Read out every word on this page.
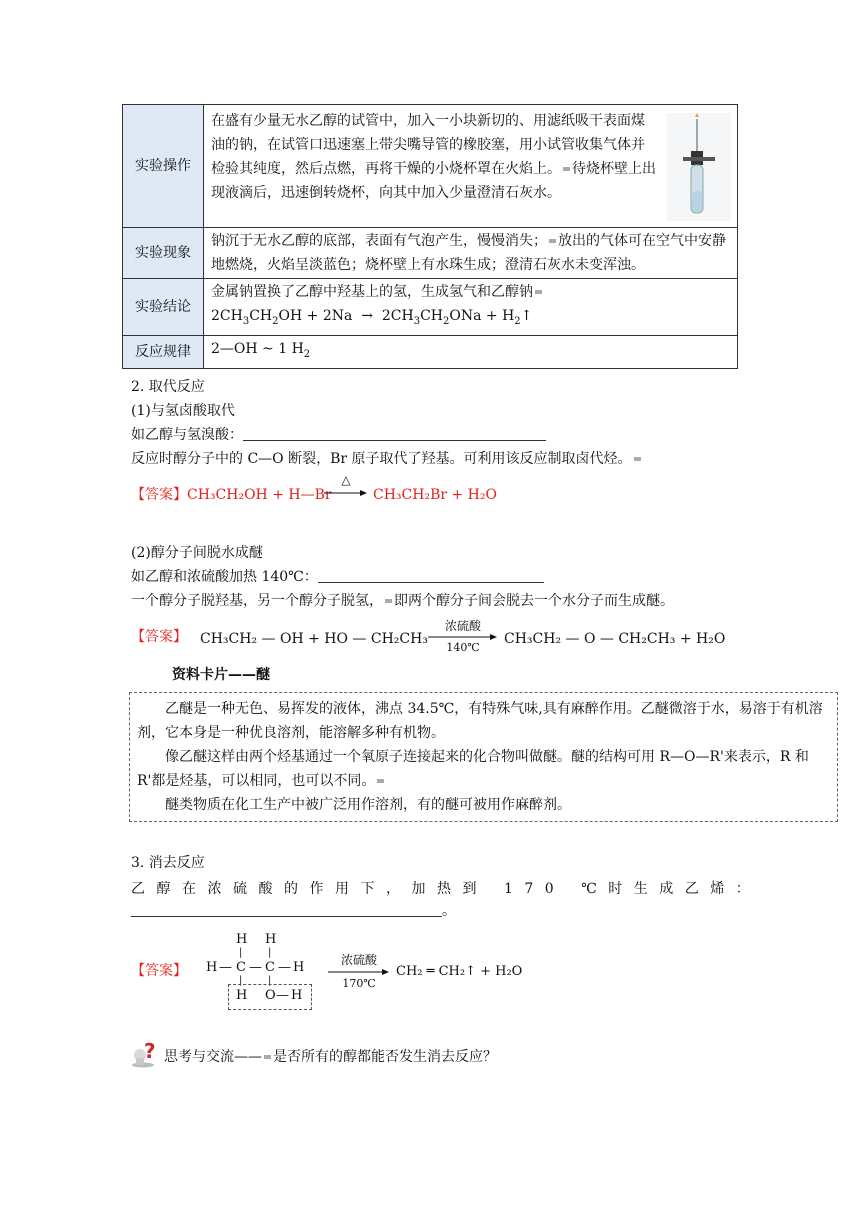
实验操作	在盛有少量无水乙醇的试管中，加入一小块新切的、用滤纸吸干表面煤油的钠，在试管口迅速塞上带尖嘴导管的橡胶塞，用小试管收集气体并检验其纯度，然后点燃，再将干燥的小烧杯罩在火焰上。 待烧杯壁上出现液滴后，迅速倒转烧杯，向其中加入少量澄清石灰水。
实验现象	钠沉于无水乙醇的底部，表面有气泡产生，慢慢消失； 放出的气体可在空气中安静地燃烧，火焰呈淡蓝色；烧杯壁上有水珠生成；澄清石灰水未变浑浊。
实验结论	金属钠置换了乙醇中羟基上的氢，生成氢气和乙醇钠
$2CH_3CH_2OH + 2Na \to 2CH_3CH_2ONa$ + $H_2↑$
反应规律	2—OH ~ 1 $H_2$
2. 取代反应
(1)与氢卤酸取代
如乙醇与氢溴酸：
反应时醇分子中的 C—O 断裂，Br 原子取代了羟基。可利用该反应制取卤代烃。
【答案】CH₃CH₂OH + H—Br
△
CH₃CH₂Br + H₂O
(2)醇分子间脱水成醚
如乙醇和浓硫酸加热 140℃：
一个醇分子脱羟基，另一个醇分子脱氢， 即两个醇分子间会脱去一个水分子而生成醚。
【答案】 CH₃CH₂ — OH + HO — CH₂CH₃
浓硫酸
140℃
CH₃CH₂ — O — CH₂CH₃ + H₂O
资料卡片——醚

乙醚是一种无色、易挥发的液体，沸点 34.5℃，有特殊气味,具有麻醉作用。乙醚微溶于水，易溶于有机溶剂，它本身是一种优良溶剂，能溶解多种有机物。

像乙醚这样由两个烃基通过一个氧原子连接起来的化合物叫做醚。醚的结构可用 R—O—R'来表示，R 和 R'都是烃基，可以相同，也可以不同。

醚类物质在化工生产中被广泛用作溶剂，有的醚可被用作麻醉剂。

3. 消去反应
乙醇在浓硫酸的作用下，加热到 170 ℃时生成乙烯：
。
【答案】
H H
|	|
H — C — C — H
|	|
H O — H
浓硫酸
170℃
CH₂ ═ CH₂↑ + H₂O
? 思考与交流—— 是否所有的醇都能否发生消去反应？
